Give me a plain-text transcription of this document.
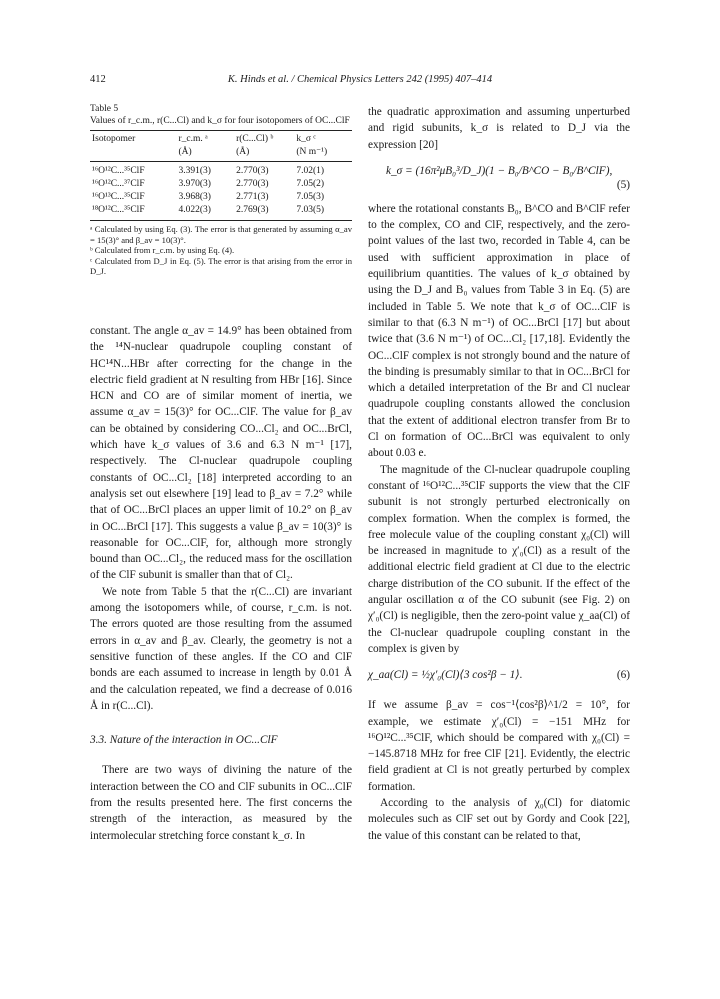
412	K. Hinds et al. / Chemical Physics Letters 242 (1995) 407–414
Table 5
Values of r_c.m., r(C...Cl) and k_σ for four isotopomers of OC...ClF
Isotopomer	r_c.m. ᵃ	r(C...Cl) ᵇ	k_σ ᶜ
	(Å)	(Å)	(N m⁻¹)
¹⁶O¹²C...³⁵ClF	3.391(3)	2.770(3)	7.02(1)
¹⁶O¹²C...³⁷ClF	3.970(3)	2.770(3)	7.05(2)
¹⁶O¹³C...³⁵ClF	3.968(3)	2.771(3)	7.05(3)
¹⁸O¹²C...³⁵ClF	4.022(3)	2.769(3)	7.03(5)
ᵃ Calculated by using Eq. (3). The error is that generated by assuming α_av = 15(3)° and β_av = 10(3)°.
ᵇ Calculated from r_c.m. by using Eq. (4).
ᶜ Calculated from D_J in Eq. (5). The error is that arising from the error in D_J.

constant. The angle α_av = 14.9° has been obtained from the ¹⁴N-nuclear quadrupole coupling constant of HC¹⁴N...HBr after correcting for the change in the electric field gradient at N resulting from HBr [16]. Since HCN and CO are of similar moment of inertia, we assume α_av = 15(3)° for OC...ClF. The value for β_av can be obtained by considering CO...Cl₂ and OC...BrCl, which have k_σ values of 3.6 and 6.3 N m⁻¹ [17], respectively. The Cl-nuclear quadrupole coupling constants of OC...Cl₂ [18] interpreted according to an analysis set out elsewhere [19] lead to β_av = 7.2° while that of OC...BrCl places an upper limit of 10.2° on β_av in OC...BrCl [17]. This suggests a value β_av = 10(3)° is reasonable for OC...ClF, for, although more strongly bound than OC...Cl₂, the reduced mass for the oscillation of the ClF subunit is smaller than that of Cl₂.

We note from Table 5 that the r(C...Cl) are invariant among the isotopomers while, of course, r_c.m. is not. The errors quoted are those resulting from the assumed errors in α_av and β_av. Clearly, the geometry is not a sensitive function of these angles. If the CO and ClF bonds are each assumed to increase in length by 0.01 Å and the calculation repeated, we find a decrease of 0.016 Å in r(C...Cl).

3.3. Nature of the interaction in OC...ClF

There are two ways of divining the nature of the interaction between the CO and ClF subunits in OC...ClF from the results presented here. The first concerns the strength of the interaction, as measured by the intermolecular stretching force constant k_σ. In

the quadratic approximation and assuming unperturbed and rigid subunits, k_σ is related to D_J via the expression [20]

k_σ = (16π²μB₀³/D_J)(1 − B₀/B^CO − B₀/B^ClF),
(5)

where the rotational constants B₀, B^CO and B^ClF refer to the complex, CO and ClF, respectively, and the zero-point values of the last two, recorded in Table 4, can be used with sufficient approximation in place of equilibrium quantities. The values of k_σ obtained by using the D_J and B₀ values from Table 3 in Eq. (5) are included in Table 5. We note that k_σ of OC...ClF is similar to that (6.3 N m⁻¹) of OC...BrCl [17] but about twice that (3.6 N m⁻¹) of OC...Cl₂ [17,18]. Evidently the OC...ClF complex is not strongly bound and the nature of the binding is presumably similar to that in OC...BrCl for which a detailed interpretation of the Br and Cl nuclear quadrupole coupling constants allowed the conclusion that the extent of additional electron transfer from Br to Cl on formation of OC...BrCl was equivalent to only about 0.03 e.

The magnitude of the Cl-nuclear quadrupole coupling constant of ¹⁶O¹²C...³⁵ClF supports the view that the ClF subunit is not strongly perturbed electronically on complex formation. When the complex is formed, the free molecule value of the coupling constant χ₀(Cl) will be increased in magnitude to χ′₀(Cl) as a result of the additional electric field gradient at Cl due to the electric charge distribution of the CO subunit. If the effect of the angular oscillation α of the CO subunit (see Fig. 2) on χ′₀(Cl) is negligible, then the zero-point value χ_aa(Cl) of the Cl-nuclear quadrupole coupling constant in the complex is given by

χ_aa(Cl) = ½χ′₀(Cl)⟨3 cos²β − 1⟩.	(6)

If we assume β_av = cos⁻¹⟨cos²β⟩^1/2 = 10°, for example, we estimate χ′₀(Cl) = −151 MHz for ¹⁶O¹²C...³⁵ClF, which should be compared with χ₀(Cl) = −145.8718 MHz for free ClF [21]. Evidently, the electric field gradient at Cl is not greatly perturbed by complex formation.

According to the analysis of χ₀(Cl) for diatomic molecules such as ClF set out by Gordy and Cook [22], the value of this constant can be related to that,
